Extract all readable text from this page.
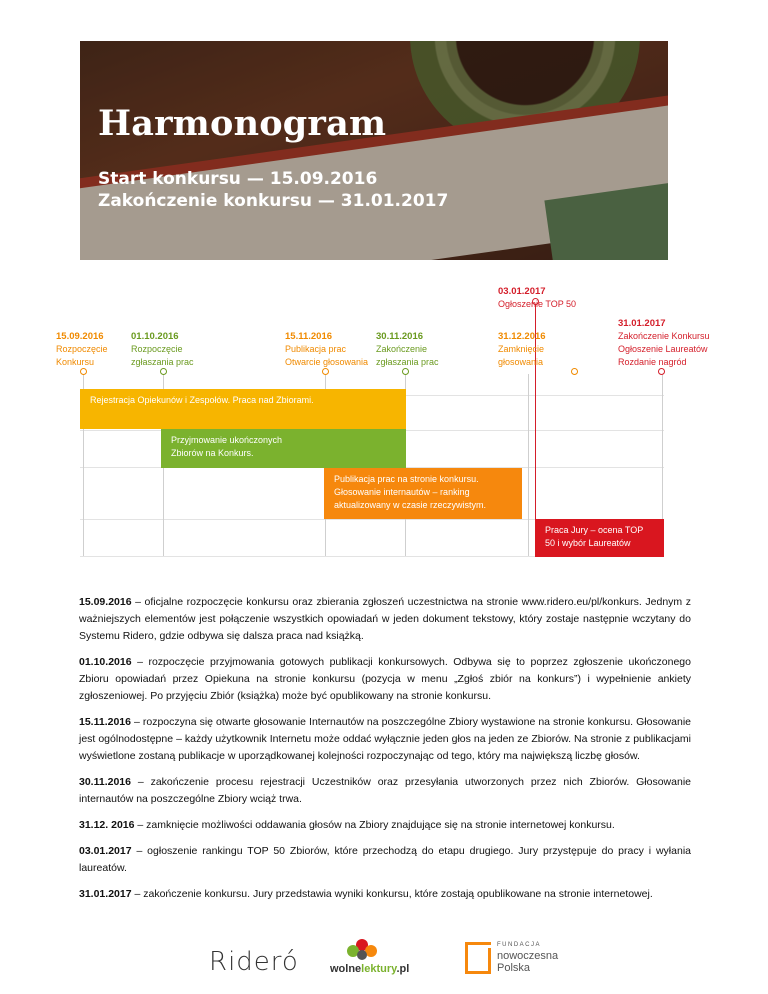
Harmonogram
Start konkursu — 15.09.2016
Zakończenie konkursu — 31.01.2017
15.09.2016
Rozpoczęcie
Konkursu
01.10.2016
Rozpoczęcie
zgłaszania prac
15.11.2016
Publikacja prac
Otwarcie głosowania
30.11.2016
Zakończenie
zgłaszania prac
31.12.2016
Zamknięcie
głosowania
03.01.2017
Ogłoszenie TOP 50
31.01.2017
Zakończenie Konkursu
Ogłoszenie Laureatów
Rozdanie nagród
Rejestracja Opiekunów i Zespołów. Praca nad Zbiorami.
Przyjmowanie ukończonych Zbiorów na Konkurs.
Publikacja prac na stronie konkursu. Głosowanie internautów – ranking aktualizowany w czasie rzeczywistym.
Praca Jury – ocena TOP 50 i wybór Laureatów

15.09.2016 – oficjalne rozpoczęcie konkursu oraz zbierania zgłoszeń uczestnictwa na stronie www.ridero.eu/pl/konkurs. Jednym z ważniejszych elementów jest połączenie wszystkich opowiadań w jeden dokument tekstowy, który zostaje następnie wczytany do Systemu Ridero, gdzie odbywa się dalsza praca nad książką.

01.10.2016 – rozpoczęcie przyjmowania gotowych publikacji konkursowych. Odbywa się to poprzez zgłoszenie ukończonego Zbioru opowiadań przez Opiekuna na stronie konkursu (pozycja w menu „Zgłoś zbiór na konkurs”) i wypełnienie ankiety zgłoszeniowej. Po przyjęciu Zbiór (książka) może być opublikowany na stronie konkursu.

15.11.2016 – rozpoczyna się otwarte głosowanie Internautów na poszczególne Zbiory wystawione na stronie konkursu. Głosowanie jest ogólnodostępne – każdy użytkownik Internetu może oddać wyłącznie jeden głos na jeden ze Zbiorów. Na stronie z publikacjami wyświetlone zostaną publikacje w uporządkowanej kolejności rozpoczynając od tego, który ma największą liczbę głosów.

30.11.2016 – zakończenie procesu rejestracji Uczestników oraz przesyłania utworzonych przez nich Zbiorów. Głosowanie internautów na poszczególne Zbiory wciąż trwa.

31.12. 2016 – zamknięcie możliwości oddawania głosów na Zbiory znajdujące się na stronie internetowej konkursu.

03.01.2017 – ogłoszenie rankingu TOP 50 Zbiorów, które przechodzą do etapu drugiego. Jury przystępuje do pracy i wyłania laureatów.

31.01.2017 – zakończenie konkursu. Jury przedstawia wyniki konkursu, które zostają opublikowane na stronie internetowej.

Rideró	wolnelektury.pl
FUNDACJA
nowoczesna
Polska
